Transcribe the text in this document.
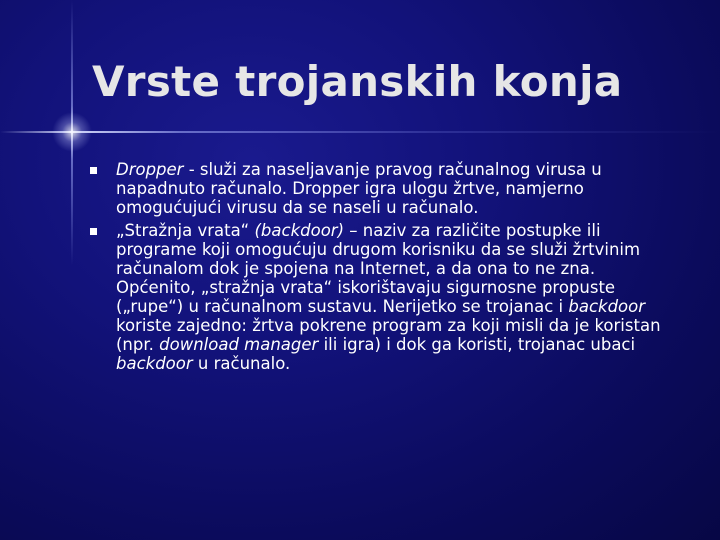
Vrste trojanskih konja
Dropper - služi za naseljavanje pravog računalnog virusa u napadnuto računalo. Dropper igra ulogu žrtve, namjerno omogućujući virusu da se naseli u računalo.
„Stražnja vrata“ (backdoor) – naziv za različite postupke ili programe koji omogućuju drugom korisniku da se služi žrtvinim računalom dok je spojena na Internet, a da ona to ne zna. Općenito, „stražnja vrata“ iskorištavaju sigurnosne propuste („rupe“) u računalnom sustavu. Nerijetko se trojanac i backdoor koriste zajedno: žrtva pokrene program za koji misli da je koristan (npr. download manager ili igra) i dok ga koristi, trojanac ubaci backdoor u računalo.
